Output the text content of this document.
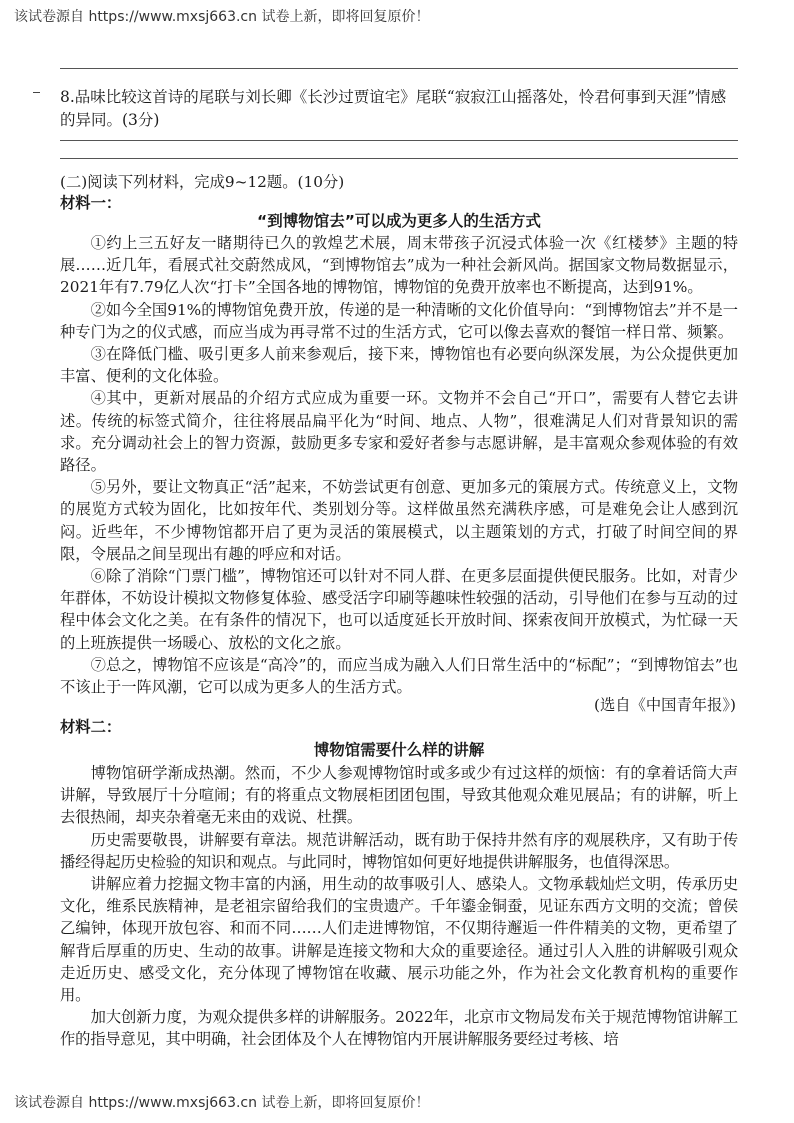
该试卷源自 https://www.mxsj663.cn 试卷上新，即将回复原价！
8.品味比较这首诗的尾联与刘长卿《长沙过贾谊宅》尾联“寂寂江山摇落处，怜君何事到天涯”情感的异同。(3分)
(二)阅读下列材料，完成9~12题。(10分)
材料一：
“到博物馆去”可以成为更多人的生活方式

①约上三五好友一睹期待已久的敦煌艺术展，周末带孩子沉浸式体验一次《红楼梦》主题的特展……近几年，看展式社交蔚然成风，“到博物馆去”成为一种社会新风尚。据国家文物局数据显示，2021年有7.79亿人次“打卡”全国各地的博物馆，博物馆的免费开放率也不断提高，达到91%。

②如今全国91%的博物馆免费开放，传递的是一种清晰的文化价值导向：“到博物馆去”并不是一种专门为之的仪式感，而应当成为再寻常不过的生活方式，它可以像去喜欢的餐馆一样日常、频繁。

③在降低门槛、吸引更多人前来参观后，接下来，博物馆也有必要向纵深发展，为公众提供更加丰富、便利的文化体验。

④其中，更新对展品的介绍方式应成为重要一环。文物并不会自己“开口”，需要有人替它去讲述。传统的标签式简介，往往将展品扁平化为“时间、地点、人物”，很难满足人们对背景知识的需求。充分调动社会上的智力资源，鼓励更多专家和爱好者参与志愿讲解，是丰富观众参观体验的有效路径。

⑤另外，要让文物真正“活”起来，不妨尝试更有创意、更加多元的策展方式。传统意义上，文物的展览方式较为固化，比如按年代、类别划分等。这样做虽然充满秩序感，可是难免会让人感到沉闷。近些年，不少博物馆都开启了更为灵活的策展模式，以主题策划的方式，打破了时间空间的界限，令展品之间呈现出有趣的呼应和对话。

⑥除了消除“门票门槛”，博物馆还可以针对不同人群、在更多层面提供便民服务。比如，对青少年群体，不妨设计模拟文物修复体验、感受活字印刷等趣味性较强的活动，引导他们在参与互动的过程中体会文化之美。在有条件的情况下，也可以适度延长开放时间、探索夜间开放模式，为忙碌一天的上班族提供一场暖心、放松的文化之旅。

⑦总之，博物馆不应该是“高冷”的，而应当成为融入人们日常生活中的“标配”；“到博物馆去”也不该止于一阵风潮，它可以成为更多人的生活方式。

(选自《中国青年报》)
材料二：
博物馆需要什么样的讲解

博物馆研学渐成热潮。然而，不少人参观博物馆时或多或少有过这样的烦恼：有的拿着话筒大声讲解，导致展厅十分喧闹；有的将重点文物展柜团团包围，导致其他观众难见展品；有的讲解，听上去很热闹，却夹杂着毫无来由的戏说、杜撰。

历史需要敬畏，讲解要有章法。规范讲解活动，既有助于保持井然有序的观展秩序，又有助于传播经得起历史检验的知识和观点。与此同时，博物馆如何更好地提供讲解服务，也值得深思。

讲解应着力挖掘文物丰富的内涵，用生动的故事吸引人、感染人。文物承载灿烂文明，传承历史文化，维系民族精神，是老祖宗留给我们的宝贵遗产。千年鎏金铜蚕，见证东西方文明的交流；曾侯乙编钟，体现开放包容、和而不同……人们走进博物馆，不仅期待邂逅一件件精美的文物，更希望了解背后厚重的历史、生动的故事。讲解是连接文物和大众的重要途径。通过引人入胜的讲解吸引观众走近历史、感受文化，充分体现了博物馆在收藏、展示功能之外，作为社会文化教育机构的重要作用。

加大创新力度，为观众提供多样的讲解服务。2022年，北京市文物局发布关于规范博物馆讲解工作的指导意见，其中明确，社会团体及个人在博物馆内开展讲解服务要经过考核、培

该试卷源自 https://www.mxsj663.cn 试卷上新，即将回复原价！
